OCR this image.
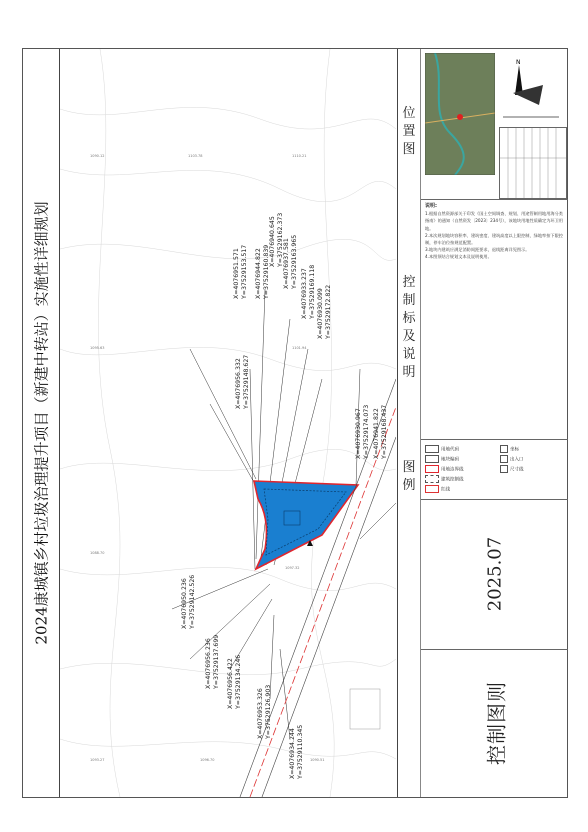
2024康城镇乡村垃圾治理提升项目（新建中转站）实施性详细规划
1090.12	1103.78	1110.21
1095.63	1101.94
1088.70
1097.32
1093.27	1096.70	1090.51
X=4076951.571 Y=37529153.517
X=4076956.332 Y=37529148.627
X=4076944.822 Y=37529160.839
X=4076940.645 Y=37529162.373 X=4076937.581 Y=37529163.965
X=4076933.237 Y=37529169.118 X=4076930.099 Y=37529172.822
X=4076930.967 Y=37529174.073 X=4076941.822 Y=37529168.437
X=4076950.236 Y=37529142.526
X=4076956.236 Y=37529137.699 X=4076956.422 Y=37529134.246
X=4076953.326 Y=37529126.903
X=4076934.244 Y=37529110.345
位
置
图
控
制
标
及
说
明
图
例
N
说明:
1.根据自然资源部关于印发《国土空间调查、规划、用途管制用地用海分类指南》的通知（自然资发〔2023〕234号），该地块用地性质确定为环卫用地。
2.本次规划地块容积率、建筑密度、建筑高度以上限控制，绿地率按下限控制，停车泊位按规范配置。
3.地块内建筑应满足消防间距要求，退线距离详见图示。
4.本图须结合规划文本及说明使用。
用地代码
地块编码
用地边界线
建筑控制线
红线
坐标
出入口
尺寸线
2025.07
控制图则
